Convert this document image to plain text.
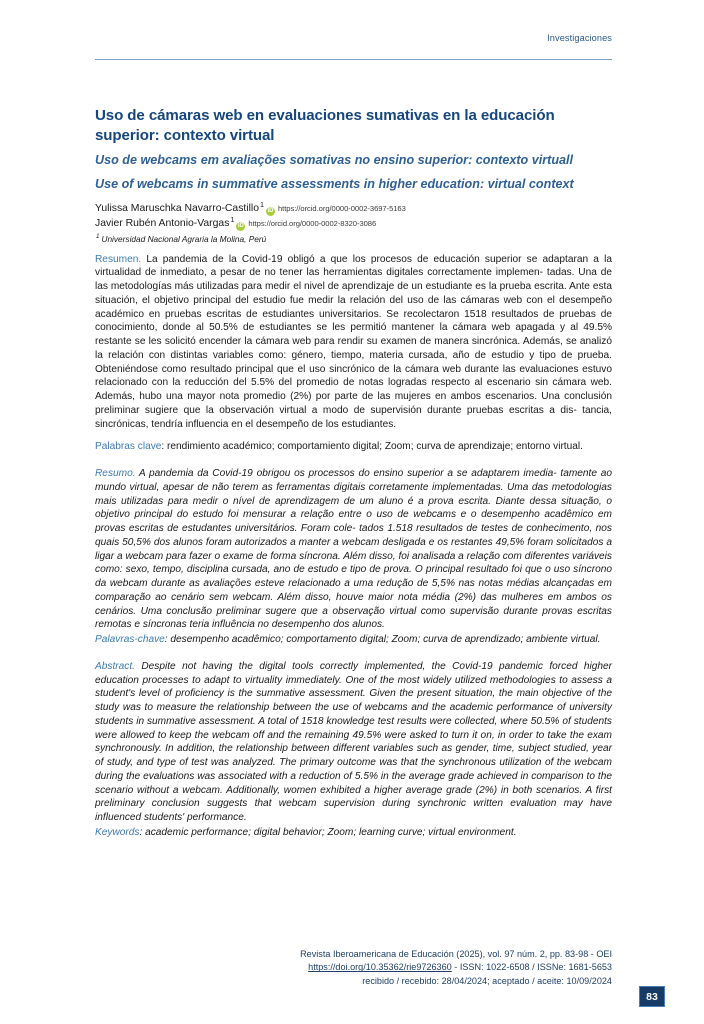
Investigaciones
Uso de cámaras web en evaluaciones sumativas en la educación superior: contexto virtual
Uso de webcams em avaliações somativas no ensino superior: contexto virtuall
Use of webcams in summative assessments in higher education: virtual context
Yulissa Maruschka Navarro-Castillo$^1$iD https://orcid.org/0000-0002-3697-5163
Javier Rubén Antonio-Vargas$^1$iD https://orcid.org/0000-0002-8320-3086
$^1$ Universidad Nacional Agraria la Molina, Perú

Resumen. La pandemia de la Covid-19 obligó a que los procesos de educación superior se adaptaran a la virtualidad de inmediato, a pesar de no tener las herramientas digitales correctamente implemen- tadas. Una de las metodologías más utilizadas para medir el nivel de aprendizaje de un estudiante es la prueba escrita. Ante esta situación, el objetivo principal del estudio fue medir la relación del uso de las cámaras web con el desempeño académico en pruebas escritas de estudiantes universitarios. Se recolectaron 1518 resultados de pruebas de conocimiento, donde al 50.5% de estudiantes se les permitió mantener la cámara web apagada y al 49.5% restante se les solicitó encender la cámara web para rendir su examen de manera sincrónica. Además, se analizó la relación con distintas variables como: género, tiempo, materia cursada, año de estudio y tipo de prueba. Obteniéndose como resultado principal que el uso sincrónico de la cámara web durante las evaluaciones estuvo relacionado con la reducción del 5.5% del promedio de notas logradas respecto al escenario sin cámara web. Además, hubo una mayor nota promedio (2%) por parte de las mujeres en ambos escenarios. Una conclusión preliminar sugiere que la observación virtual a modo de supervisión durante pruebas escritas a dis- tancia, sincrónicas, tendría influencia en el desempeño de los estudiantes.

Palabras clave: rendimiento académico; comportamiento digital; Zoom; curva de aprendizaje; entorno virtual.

Resumo. A pandemia da Covid-19 obrigou os processos do ensino superior a se adaptarem imedia- tamente ao mundo virtual, apesar de não terem as ferramentas digitais corretamente implementadas. Uma das metodologias mais utilizadas para medir o nível de aprendizagem de um aluno é a prova escrita. Diante dessa situação, o objetivo principal do estudo foi mensurar a relação entre o uso de webcams e o desempenho acadêmico em provas escritas de estudantes universitários. Foram cole- tados 1.518 resultados de testes de conhecimento, nos quais 50,5% dos alunos foram autorizados a manter a webcam desligada e os restantes 49,5% foram solicitados a ligar a webcam para fazer o exame de forma síncrona. Além disso, foi analisada a relação com diferentes variáveis como: sexo, tempo, disciplina cursada, ano de estudo e tipo de prova. O principal resultado foi que o uso síncrono da webcam durante as avaliações esteve relacionado a uma redução de 5,5% nas notas médias alcançadas em comparação ao cenário sem webcam. Além disso, houve maior nota média (2%) das mulheres em ambos os cenários. Uma conclusão preliminar sugere que a observação virtual como supervisão durante provas escritas remotas e síncronas teria influência no desempenho dos alunos.

Palavras-chave: desempenho acadêmico; comportamento digital; Zoom; curva de aprendizado; ambiente virtual.

Abstract. Despite not having the digital tools correctly implemented, the Covid-19 pandemic forced higher education processes to adapt to virtuality immediately. One of the most widely utilized methodologies to assess a student's level of proficiency is the summative assessment. Given the present situation, the main objective of the study was to measure the relationship between the use of webcams and the academic performance of university students in summative assessment. A total of 1518 knowledge test results were collected, where 50.5% of students were allowed to keep the webcam off and the remaining 49.5% were asked to turn it on, in order to take the exam synchronously. In addition, the relationship between different variables such as gender, time, subject studied, year of study, and type of test was analyzed. The primary outcome was that the synchronous utilization of the webcam during the evaluations was associated with a reduction of 5.5% in the average grade achieved in comparison to the scenario without a webcam. Additionally, women exhibited a higher average grade (2%) in both scenarios. A first preliminary conclusion suggests that webcam supervision during synchronic written evaluation may have influenced students' performance.

Keywords: academic performance; digital behavior; Zoom; learning curve; virtual environment.

Revista Iberoamericana de Educación (2025), vol. 97 núm. 2, pp. 83-98 - OEI
https://doi.org/10.35362/rie9726360 - ISSN: 1022-6508 / ISSNe: 1681-5653
recibido / recebido: 28/04/2024; aceptado / aceite: 10/09/2024
83
